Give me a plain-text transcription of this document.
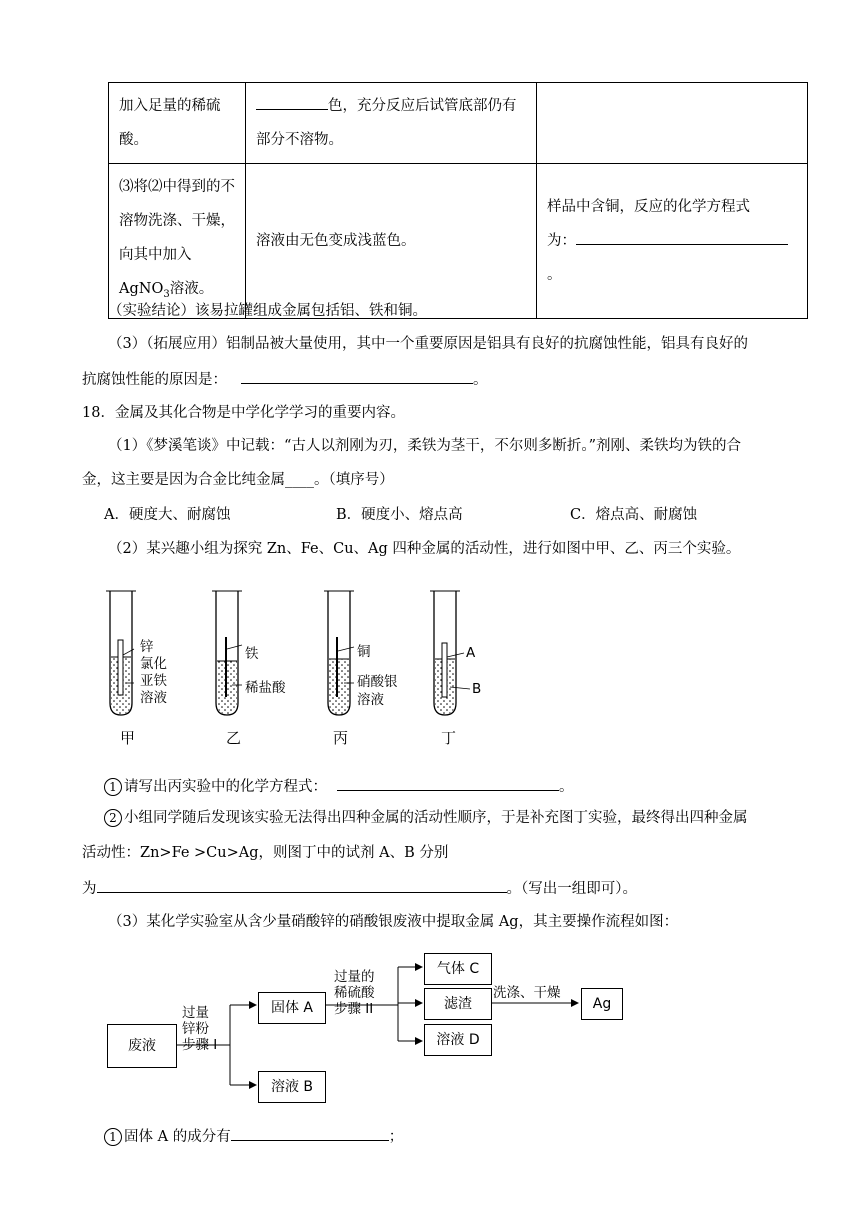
加入足量的稀硫酸。	色，充分反应后试管底部仍有部分不溶物。	
⑶将⑵中得到的不溶物洗涤、干燥，向其中加入AgNO$_3$溶液。	溶液由无色变成浅蓝色。	样品中含铜，反应的化学方程式
为：。
（实验结论）该易拉罐组成金属包括铝、铁和铜。
（3）（拓展应用）铝制品被大量使用，其中一个重要原因是铝具有良好的抗腐蚀性能，铝具有良好的
抗腐蚀性能的原因是：	。
18．金属及其化合物是中学化学学习的重要内容。
（1）《梦溪笔谈》中记载：“古人以剂刚为刃，柔铁为茎干，不尔则多断折。”剂刚、柔铁均为铁的合
金，这主要是因为合金比纯金属____。（填序号）
A．硬度大、耐腐蚀	B．硬度小、熔点高	C．熔点高、耐腐蚀
（2）某兴趣小组为探究 Zn、Fe、Cu、Ag 四种金属的活动性，进行如图中甲、乙、丙三个实验。
锌
氯化
亚铁
溶液
铁
稀盐酸
铜
硝酸银
溶液
A
B
甲	乙	丙	丁
1 请写出丙实验中的化学方程式：	。
2 小组同学随后发现该实验无法得出四种金属的活动性顺序，于是补充图丁实验，最终得出四种金属
活动性：Zn>Fe >Cu>Ag，则图丁中的试剂 A、B 分别
为	。（写出一组即可）。
（3）某化学实验室从含少量硝酸锌的硝酸银废液中提取金属 Ag，其主要操作流程如图：
废液
过量
锌粉
步骤 I
固体 A
溶液 B
过量的
稀硫酸
步骤 II
气体 C
滤渣
溶液 D
洗涤、干燥
Ag
1 固体 A 的成分有	；
